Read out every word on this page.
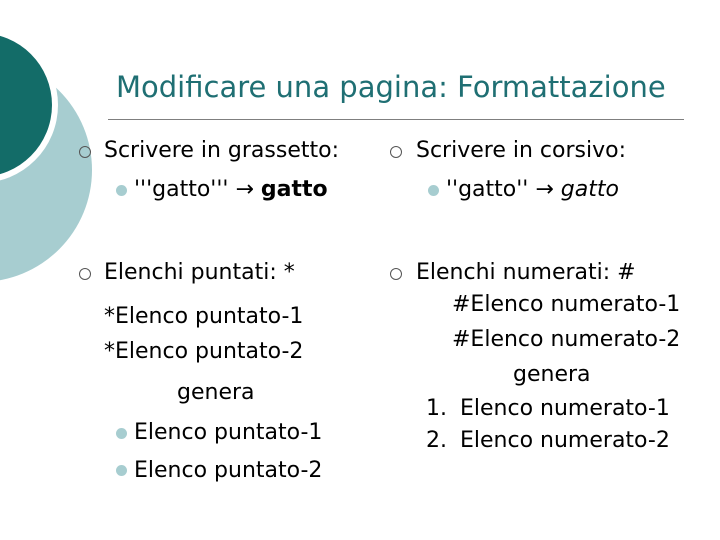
Modificare una pagina: Formattazione
Scrivere in grassetto:
'''gatto''' → gatto
Elenchi puntati: *
*Elenco puntato-1
*Elenco puntato-2
genera
Elenco puntato-1
Elenco puntato-2
Scrivere in corsivo:
''gatto'' → gatto
Elenchi numerati: #
#Elenco numerato-1
#Elenco numerato-2
genera
1. Elenco numerato-1
2. Elenco numerato-2
